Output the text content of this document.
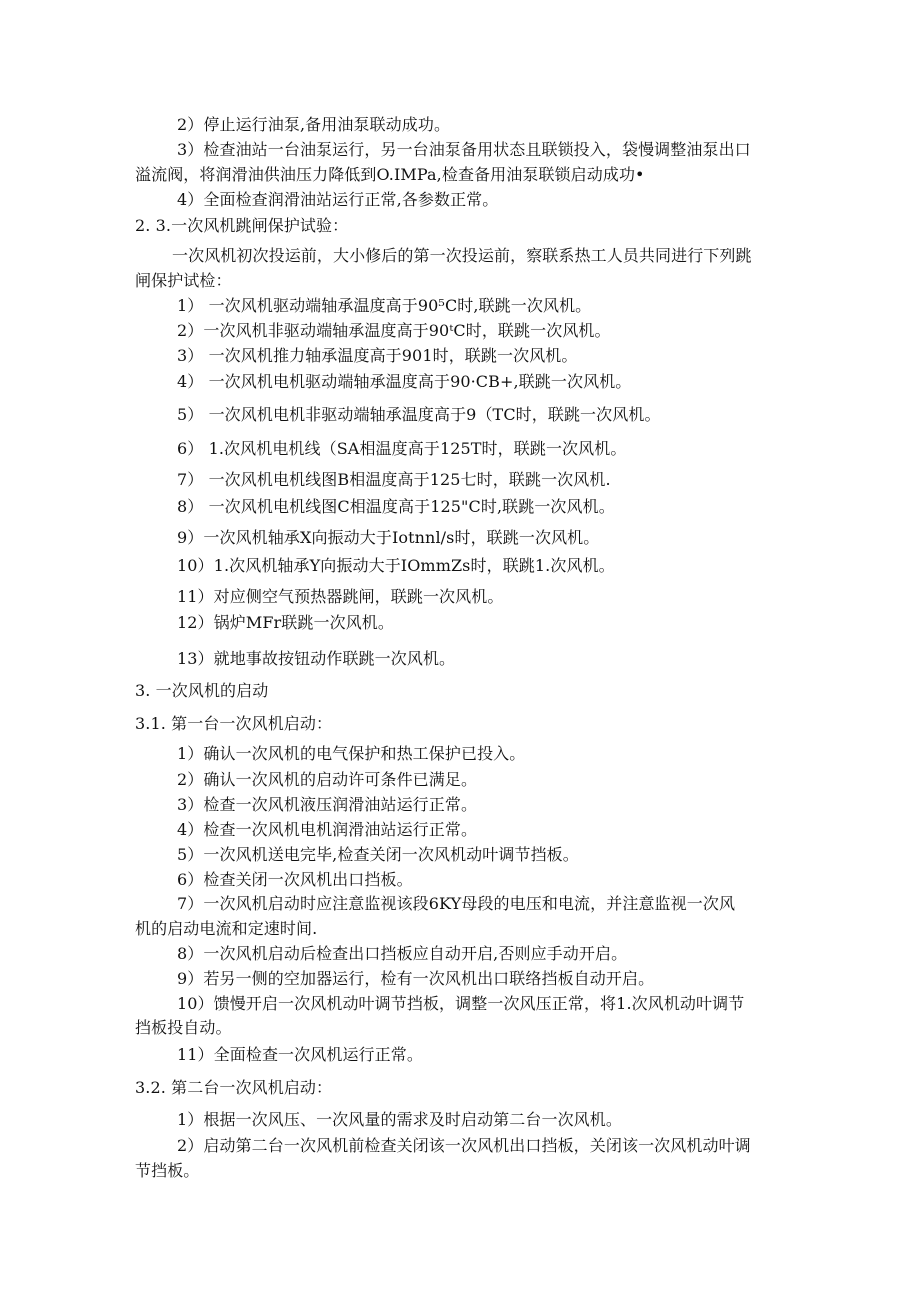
2）停止运行油泵,备用油泵联动成功。
3）检查油站一台油泵运行，另一台油泵备用状态且联锁投入，袋慢调整油泵出口
溢流阀，将润滑油供油压力降低到O.IMPa,检查备用油泵联锁启动成功•
4）全面检查润滑油站运行正常,各参数正常。
2. 3.一次风机跳闸保护试验：
一次风机初次投运前，大小修后的第一次投运前，察联系热工人员共同进行下列跳
闸保护试检：
1） 一次风机驱动端轴承温度高于90⁵C时,联跳一次风机。
2）一次风机非驱动端轴承温度高于90ᵗC时，联跳一次风机。
3） 一次风机推力轴承温度高于901时，联跳一次风机。
4） 一次风机电机驱动端轴承温度高于90·CB+,联跳一次风机。
5） 一次风机电机非驱动端轴承温度高于9（TC时，联跳一次风机。
6） 1.次风机电机线（SA相温度高于125T时，联跳一次风机。
7） 一次风机电机线图B相温度高于125七时，联跳一次风机.
8） 一次风机电机线图C相温度高于125"C时,联跳一次风机。
9）一次风机轴承X向振动大于Iotnnl/s时，联跳一次风机。
10）1.次风机轴承Y向振动大于IOmmZs时，联跳1.次风机。
11）对应侧空气预热器跳闸，联跳一次风机。
12）锅炉MFr联跳一次风机。
13）就地事故按钮动作联跳一次风机。
3. 一次风机的启动
3.1. 第一台一次风机启动：
1）确认一次风机的电气保护和热工保护已投入。
2）确认一次风机的启动许可条件已满足。
3）检查一次风机液压润滑油站运行正常。
4）检查一次风机电机润滑油站运行正常。
5）一次风机送电完毕,检查关闭一次风机动叶调节挡板。
6）检查关闭一次风机出口挡板。
7）一次风机启动时应注意监视该段6KY母段的电压和电流，并注意监视一次风
机的启动电流和定速时间.
8）一次风机启动后检查出口挡板应自动开启,否则应手动开启。
9）若另一侧的空加器运行，检有一次风机出口联络挡板自动开启。
10）馈慢开启一次风机动叶调节挡板，调整一次风压正常，将1.次风机动叶调节
挡板投自动。
11）全面检查一次风机运行正常。
3.2. 第二台一次风机启动：
1）根据一次风压、一次风量的需求及时启动第二台一次风机。
2）启动第二台一次风机前检查关闭该一次风机出口挡板，关闭该一次风机动叶调
节挡板。
